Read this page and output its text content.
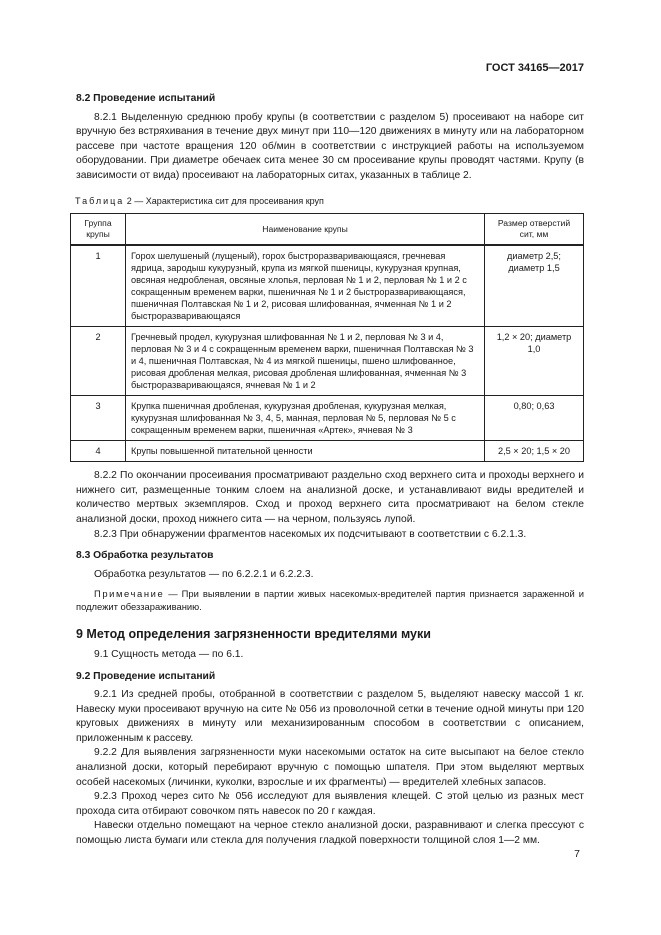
ГОСТ 34165—2017
8.2 Проведение испытаний

8.2.1 Выделенную среднюю пробу крупы (в соответствии с разделом 5) просеивают на наборе сит вручную без встряхивания в течение двух минут при 110—120 движениях в минуту или на лабораторном рассеве при частоте вращения 120 об/мин в соответствии с инструкцией работы на используемом оборудовании. При диаметре обечаек сита менее 30 см просеивание крупы проводят частями. Крупу (в зависимости от вида) просеивают на лабораторных ситах, указанных в таблице 2.

Таблица 2 — Характеристика сит для просеивания круп
Группа крупы	Наименование крупы	Размер отверстий сит, мм
1	Горох шелушеный (лущеный), горох быстроразваривающаяся, гречневая ядрица, зародыш кукурузный, крупа из мягкой пшеницы, кукурузная крупная, овсяная недробленая, овсяные хлопья, перловая № 1 и 2, перловая № 1 и 2 с сокращенным временем варки, пшеничная № 1 и 2 быстроразваривающаяся, пшеничная Полтавская № 1 и 2, рисовая шлифованная, ячменная № 1 и 2 быстроразваривающаяся	диаметр 2,5; диаметр 1,5
2	Гречневый продел, кукурузная шлифованная № 1 и 2, перловая № 3 и 4, перловая № 3 и 4 с сокращенным временем варки, пшеничная Полтавская № 3 и 4, пшеничная Полтавская, № 4 из мягкой пшеницы, пшено шлифованное, рисовая дробленая мелкая, рисовая дробленая шлифованная, ячменная № 3 быстроразваривающаяся, ячневая № 1 и 2	1,2 × 20; диаметр 1,0
3	Крупка пшеничная дробленая, кукурузная дробленая, кукурузная мелкая, кукурузная шлифованная № 3, 4, 5, манная, перловая № 5, перловая № 5 с сокращенным временем варки, пшеничная «Артек», ячневая № 3	0,80; 0,63
4	Крупы повышенной питательной ценности	2,5 × 20; 1,5 × 20

8.2.2 По окончании просеивания просматривают раздельно сход верхнего сита и проходы верхнего и нижнего сит, размещенные тонким слоем на анализной доске, и устанавливают виды вредителей и количество мертвых экземпляров. Сход и проход верхнего сита просматривают на белом стекле анализной доски, проход нижнего сита — на черном, пользуясь лупой.

8.2.3 При обнаружении фрагментов насекомых их подсчитывают в соответствии с 6.2.1.3.

8.3 Обработка результатов

Обработка результатов — по 6.2.2.1 и 6.2.2.3.

Примечание — При выявлении в партии живых насекомых-вредителей партия признается зараженной и подлежит обеззараживанию.

9 Метод определения загрязненности вредителями муки

9.1 Сущность метода — по 6.1.

9.2 Проведение испытаний

9.2.1 Из средней пробы, отобранной в соответствии с разделом 5, выделяют навеску массой 1 кг. Навеску муки просеивают вручную на сите № 056 из проволочной сетки в течение одной минуты при 120 круговых движениях в минуту или механизированным способом в соответствии с описанием, приложенным к рассеву.

9.2.2 Для выявления загрязненности муки насекомыми остаток на сите высыпают на белое стекло анализной доски, который перебирают вручную с помощью шпателя. При этом выделяют мертвых особей насекомых (личинки, куколки, взрослые и их фрагменты) — вредителей хлебных запасов.

9.2.3 Проход через сито № 056 исследуют для выявления клещей. С этой целью из разных мест прохода сита отбирают совочком пять навесок по 20 г каждая.

Навески отдельно помещают на черное стекло анализной доски, разравнивают и слегка прессуют с помощью листа бумаги или стекла для получения гладкой поверхности толщиной слоя 1—2 мм.

7
